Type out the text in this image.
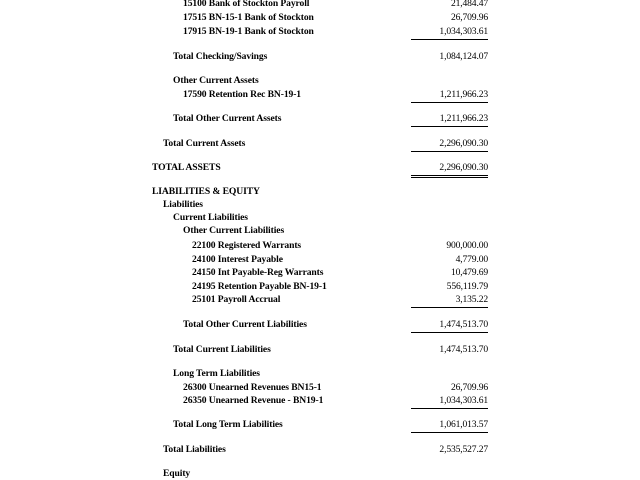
15100 Bank of Stockton Payroll	21,484.47
17515 BN-15-1 Bank of Stockton	26,709.96
17915 BN-19-1 Bank of Stockton	1,034,303.61
Total Checking/Savings	1,084,124.07
Other Current Assets
17590 Retention Rec BN-19-1	1,211,966.23
Total Other Current Assets	1,211,966.23
Total Current Assets	2,296,090.30
TOTAL ASSETS	2,296,090.30
LIABILITIES & EQUITY
Liabilities
Current Liabilities
Other Current Liabilities
22100 Registered Warrants	900,000.00
24100 Interest Payable	4,779.00
24150 Int Payable-Reg Warrants	10,479.69
24195 Retention Payable BN-19-1	556,119.79
25101 Payroll Accrual	3,135.22
Total Other Current Liabilities	1,474,513.70
Total Current Liabilities	1,474,513.70
Long Term Liabilities
26300 Unearned Revenues BN15-1	26,709.96
26350 Unearned Revenue - BN19-1	1,034,303.61
Total Long Term Liabilities	1,061,013.57
Total Liabilities	2,535,527.27
Equity
